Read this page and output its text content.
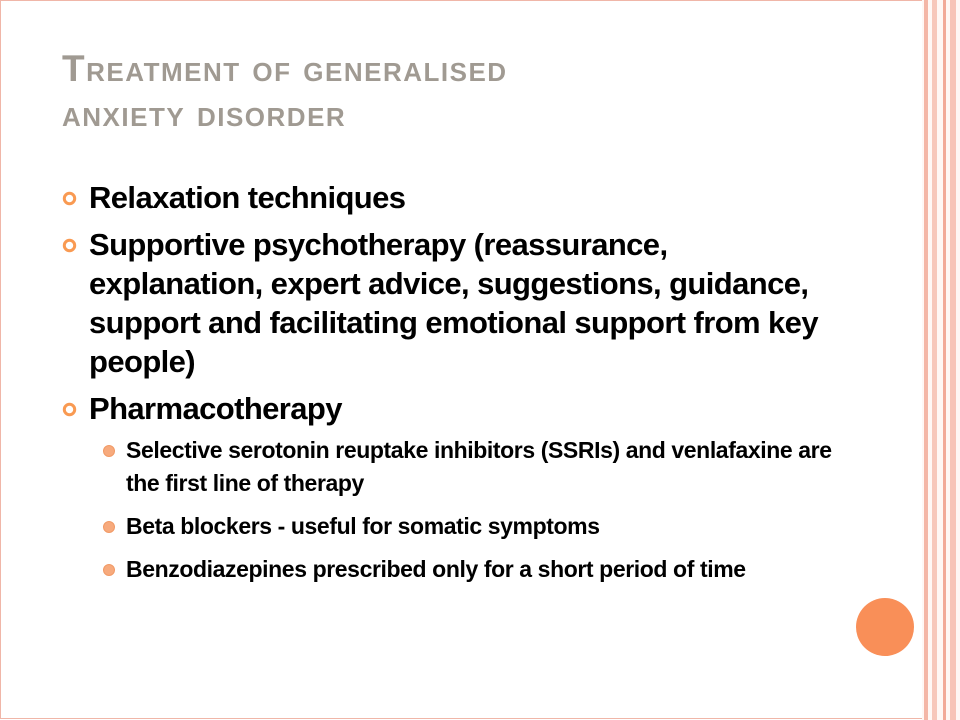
Treatment of generalised
anxiety disorder
Relaxation techniques
Supportive psychotherapy (reassurance, explanation, expert advice, suggestions, guidance, support and facilitating emotional support from key people)
Pharmacotherapy
Selective serotonin reuptake inhibitors (SSRIs) and venlafaxine are the first line of therapy
Beta blockers - useful for somatic symptoms
Benzodiazepines prescribed only for a short period of time
